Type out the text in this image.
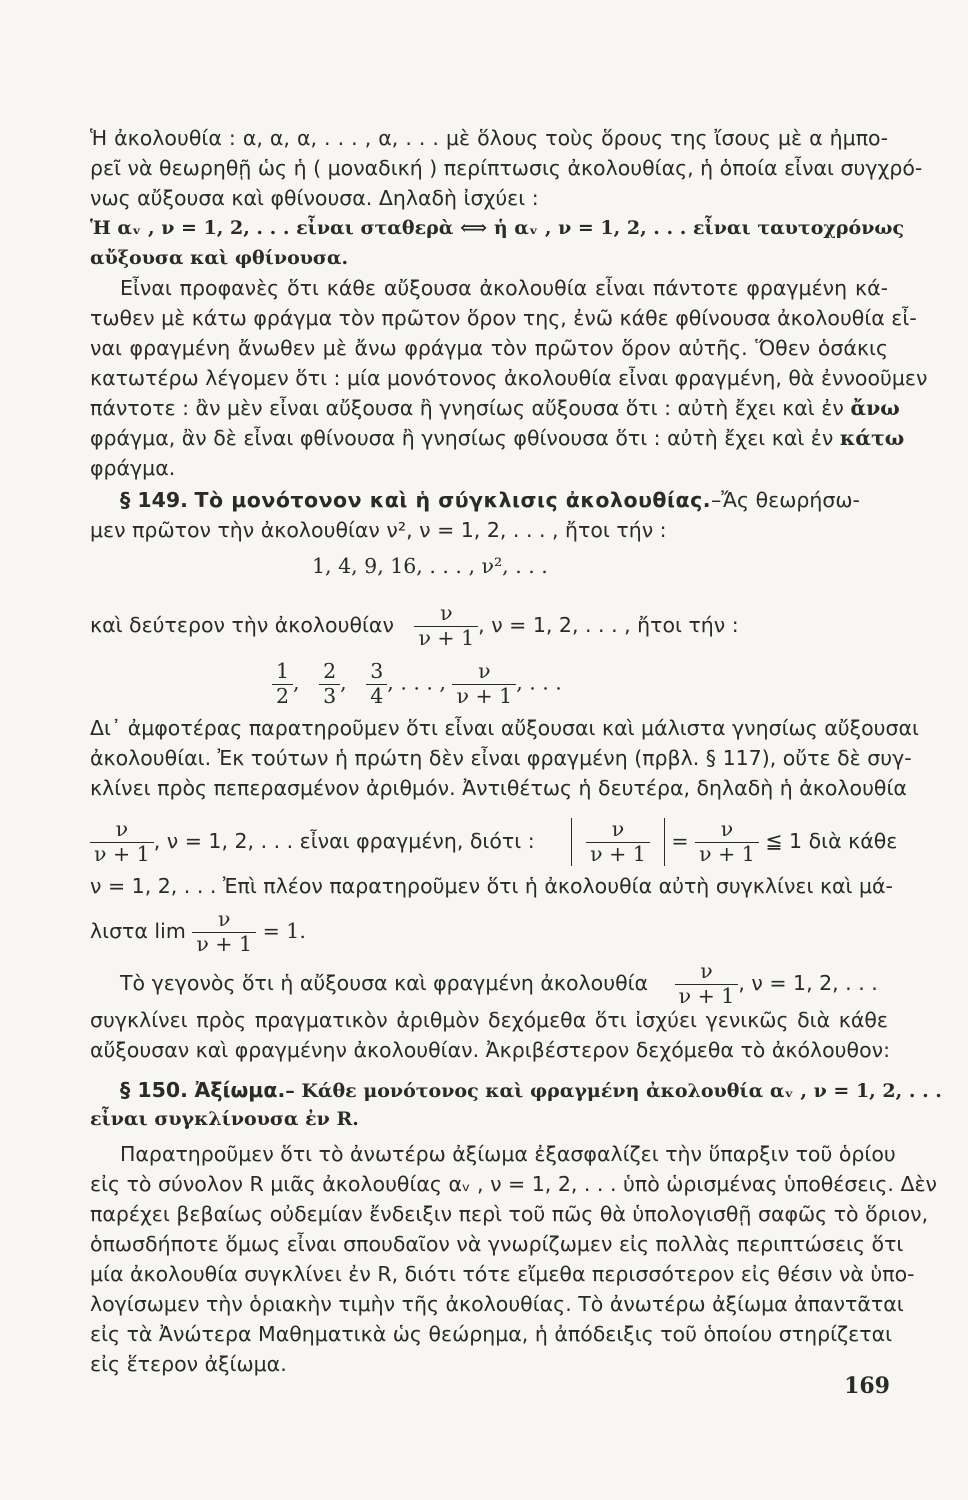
Ἡ ἀκολουθία : α, α, α, . . . , α, . . . μὲ ὅλους τοὺς ὅρους της ἴσους μὲ α ἠμπο-
ρεῖ νὰ θεωρηθῇ ὡς ἡ ( μοναδική ) περίπτωσις ἀκολουθίας, ἡ ὁποία εἶναι συγχρό-
νως αὔξουσα καὶ φθίνουσα. Δηλαδὴ ἰσχύει :
Ἡ αᵥ , ν = 1, 2, . . . εἶναι σταθερὰ ⟺ ἡ αᵥ , ν = 1, 2, . . . εἶναι ταυτοχρόνως
αὔξουσα καὶ φθίνουσα.
Εἶναι προφανὲς ὅτι κάθε αὔξουσα ἀκολουθία εἶναι πάντοτε φραγμένη κά-
τωθεν μὲ κάτω φράγμα τὸν πρῶτον ὅρον της, ἐνῶ κάθε φθίνουσα ἀκολουθία εἶ-
ναι φραγμένη ἄνωθεν μὲ ἄνω φράγμα τὸν πρῶτον ὅρον αὐτῆς. Ὅθεν ὁσάκις
κατωτέρω λέγομεν ὅτι : μία μονότονος ἀκολουθία εἶναι φραγμένη, θὰ ἐννοοῦμεν
πάντοτε : ἂν μὲν εἶναι αὔξουσα ἢ γνησίως αὔξουσα ὅτι : αὐτὴ ἔχει καὶ ἐν ἄνω
φράγμα, ἂν δὲ εἶναι φθίνουσα ἢ γνησίως φθίνουσα ὅτι : αὐτὴ ἔχει καὶ ἐν κάτω
φράγμα.
§ 149. Τὸ μονότονον καὶ ἡ σύγκλισις ἀκολουθίας.–Ἄς θεωρήσω-
μεν πρῶτον τὴν ἀκολουθίαν ν², ν = 1, 2, . . . , ἤτοι τήν :
1, 4, 9, 16, . . . , ν², . . .
καὶ δεύτερον τὴν ἀκολουθίαν $\frac{\nu}{\nu + 1}$ , ν = 1, 2, . . . , ἤτοι τήν :
$\frac{1}{2}$ , $\frac{2}{3}$ , $\frac{3}{4}$ , . . . , $\frac{\nu}{\nu + 1}$ , . . .
Δι᾽ ἀμφοτέρας παρατηροῦμεν ὅτι εἶναι αὔξουσαι καὶ μάλιστα γνησίως αὔξουσαι
ἀκολουθίαι. Ἐκ τούτων ἡ πρώτη δὲν εἶναι φραγμένη (πρβλ. § 117), οὔτε δὲ συγ-
κλίνει πρὸς πεπερασμένον ἀριθμόν. Ἀντιθέτως ἡ δευτέρα, δηλαδὴ ἡ ἀκολουθία
$\frac{\nu}{\nu + 1}$ , ν = 1, 2, . . . εἶναι φραγμένη, διότι :	$\frac{\nu}{\nu + 1} = \frac{\nu}{\nu + 1}$ ≦ 1 διὰ κάθε
ν = 1, 2, . . . Ἐπὶ πλέον παρατηροῦμεν ὅτι ἡ ἀκολουθία αὐτὴ συγκλίνει καὶ μά-
λιστα $\lim \frac{\nu}{\nu + 1} = 1$.
Τὸ γεγονὸς ὅτι ἡ αὔξουσα καὶ φραγμένη ἀκολουθία $\frac{\nu}{\nu + 1}$ , ν = 1, 2, . . .
συγκλίνει πρὸς πραγματικὸν ἀριθμὸν δεχόμεθα ὅτι ἰσχύει γενικῶς διὰ κάθε
αὔξουσαν καὶ φραγμένην ἀκολουθίαν. Ἀκριβέστερον δεχόμεθα τὸ ἀκόλουθον:
§ 150. Ἀξίωμα.– Κάθε μονότονος καὶ φραγμένη ἀκολουθία αᵥ , ν = 1, 2, . . .
εἶναι συγκλίνουσα ἐν R.
Παρατηροῦμεν ὅτι τὸ ἀνωτέρω ἀξίωμα ἐξασφαλίζει τὴν ὕπαρξιν τοῦ ὁρίου
εἰς τὸ σύνολον R μιᾶς ἀκολουθίας αᵥ , ν = 1, 2, . . . ὑπὸ ὡρισμένας ὑποθέσεις. Δὲν
παρέχει βεβαίως οὐδεμίαν ἔνδειξιν περὶ τοῦ πῶς θὰ ὑπολογισθῇ σαφῶς τὸ ὅριον,
ὁπωσδήποτε ὅμως εἶναι σπουδαῖον νὰ γνωρίζωμεν εἰς πολλὰς περιπτώσεις ὅτι
μία ἀκολουθία συγκλίνει ἐν R, διότι τότε εἴμεθα περισσότερον εἰς θέσιν νὰ ὑπο-
λογίσωμεν τὴν ὁριακὴν τιμὴν τῆς ἀκολουθίας. Τὸ ἀνωτέρω ἀξίωμα ἀπαντᾶται
εἰς τὰ Ἀνώτερα Μαθηματικὰ ὡς θεώρημα, ἡ ἀπόδειξις τοῦ ὁποίου στηρίζεται
εἰς ἕτερον ἀξίωμα.
169
